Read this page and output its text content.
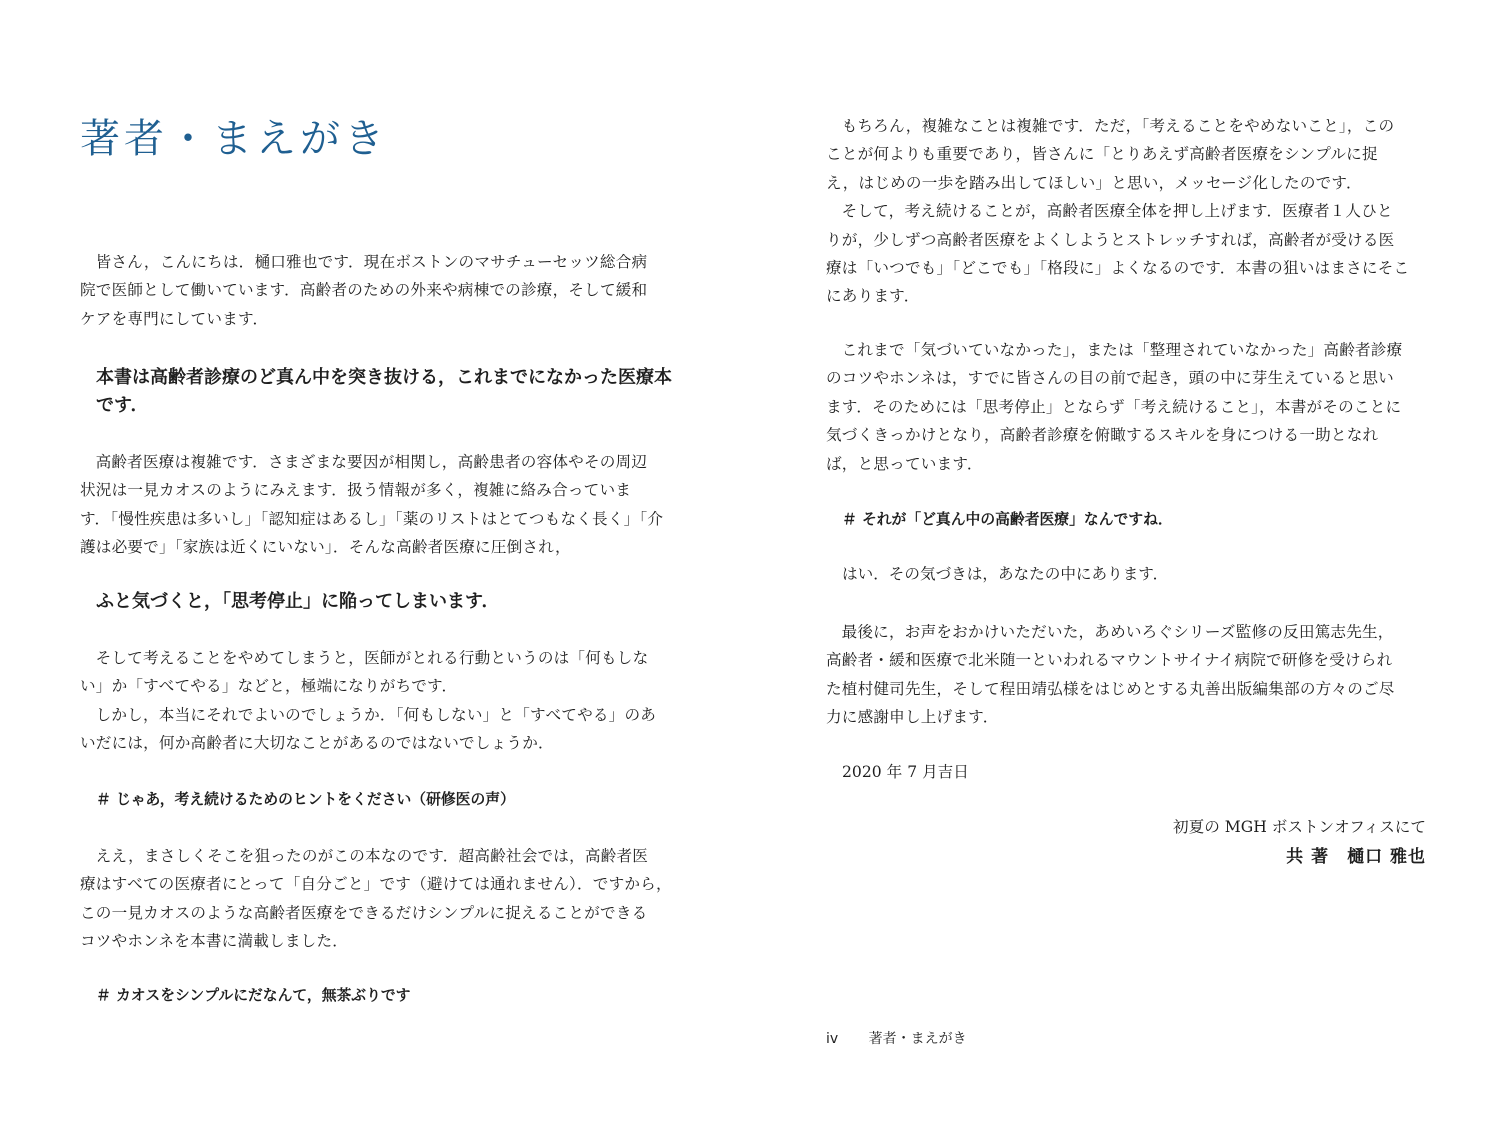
著者・まえがき

皆さん，こんにちは．樋口雅也です．現在ボストンのマサチューセッツ総合病
院で医師として働いています．高齢者のための外来や病棟での診療，そして緩和
ケアを専門にしています．

本書は高齢者診療のど真ん中を突き抜ける，これまでになかった医療本
です．

高齢者医療は複雑です．さまざまな要因が相関し，高齢患者の容体やその周辺
状況は一見カオスのようにみえます．扱う情報が多く，複雑に絡み合っていま
す．「慢性疾患は多いし」「認知症はあるし」「薬のリストはとてつもなく長く」「介
護は必要で」「家族は近くにいない」．そんな高齢者医療に圧倒され，

ふと気づくと，「思考停止」に陥ってしまいます．

そして考えることをやめてしまうと，医師がとれる行動というのは「何もしな
い」か「すべてやる」などと，極端になりがちです．

しかし，本当にそれでよいのでしょうか．「何もしない」と「すべてやる」のあ
いだには，何か高齢者に大切なことがあるのではないでしょうか．

＃ じゃあ，考え続けるためのヒントをください（研修医の声）

ええ，まさしくそこを狙ったのがこの本なのです．超高齢社会では，高齢者医
療はすべての医療者にとって「自分ごと」です（避けては通れません）．ですから，
この一見カオスのような高齢者医療をできるだけシンプルに捉えることができる
コツやホンネを本書に満載しました．

＃ カオスをシンプルにだなんて，無茶ぶりです

もちろん，複雑なことは複雑です．ただ，「考えることをやめないこと」，この
ことが何よりも重要であり，皆さんに「とりあえず高齢者医療をシンプルに捉
え，はじめの一歩を踏み出してほしい」と思い，メッセージ化したのです．

そして，考え続けることが，高齢者医療全体を押し上げます．医療者１人ひと
りが，少しずつ高齢者医療をよくしようとストレッチすれば，高齢者が受ける医
療は「いつでも」「どこでも」「格段に」よくなるのです．本書の狙いはまさにそこ
にあります．

これまで「気づいていなかった」，または「整理されていなかった」高齢者診療
のコツやホンネは，すでに皆さんの目の前で起き，頭の中に芽生えていると思い
ます．そのためには「思考停止」とならず「考え続けること」，本書がそのことに
気づくきっかけとなり，高齢者診療を俯瞰するスキルを身につける一助となれ
ば，と思っています．

＃ それが「ど真ん中の高齢者医療」なんですね．

はい．その気づきは，あなたの中にあります．

最後に，お声をおかけいただいた，あめいろぐシリーズ監修の反田篤志先生，
高齢者・緩和医療で北米随一といわれるマウントサイナイ病院で研修を受けられ
た植村健司先生，そして程田靖弘様をはじめとする丸善出版編集部の方々のご尽
力に感謝申し上げます．

2020 年 7 月吉日

初夏の MGH ボストンオフィスにて
共 著　樋口 雅也
iv 著者・まえがき
